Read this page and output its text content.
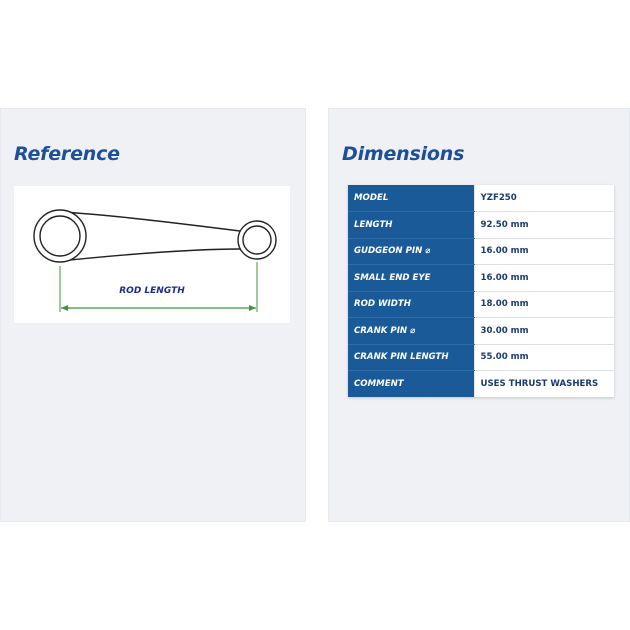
Reference
ROD LENGTH
Dimensions
MODEL	YZF250
LENGTH	92.50 mm
GUDGEON PIN ⌀	16.00 mm
SMALL END EYE	16.00 mm
ROD WIDTH	18.00 mm
CRANK PIN ⌀	30.00 mm
CRANK PIN LENGTH	55.00 mm
COMMENT	USES THRUST WASHERS
